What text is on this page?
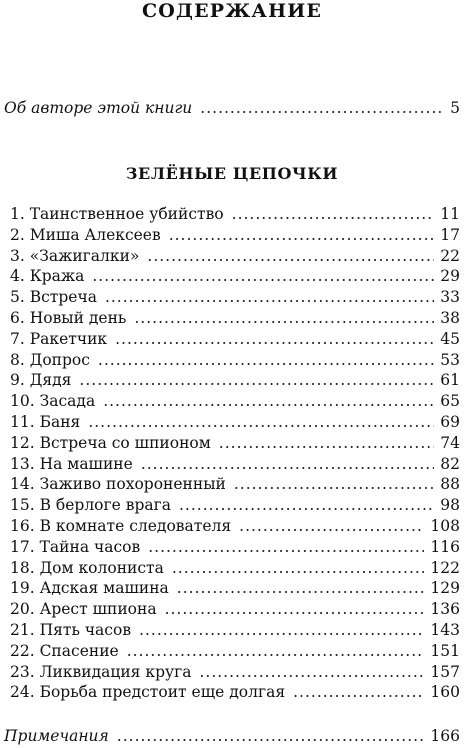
СОДЕРЖАНИЕ
Об авторе этой книги .....	5
ЗЕЛЁНЫЕ ЦЕПОЧКИ
1. Таинственное убийство .....	11
2. Миша Алексеев .....	17
3. «Зажигалки» .....	22
4. Кража .....	29
5. Встреча .....	33
6. Новый день .....	38
7. Ракетчик .....	45
8. Допрос .....	53
9. Дядя .....	61
10. Засада .....	65
11. Баня .....	69
12. Встреча со шпионом .....	74
13. На машине .....	82
14. Заживо похороненный .....	88
15. В берлоге врага .....	98
16. В комнате следователя .....	108
17. Тайна часов .....	116
18. Дом колониста .....	122
19. Адская машина .....	129
20. Арест шпиона .....	136
21. Пять часов .....	143
22. Спасение .....	151
23. Ликвидация круга .....	157
24. Борьба предстоит еще долгая .....	160
Примечания .....	166
